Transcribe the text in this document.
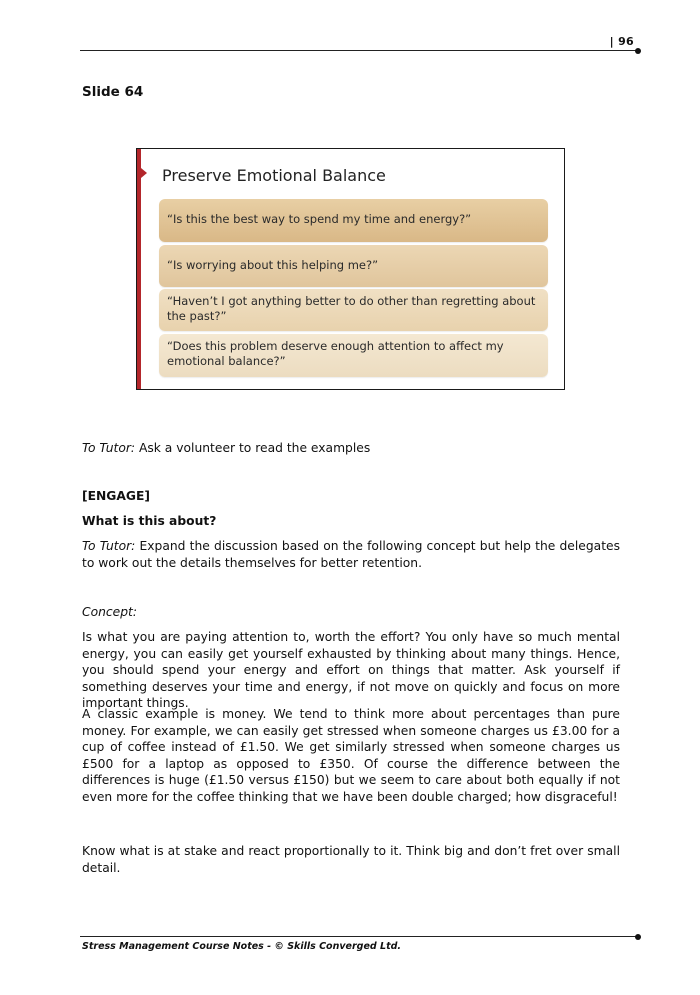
| 96
Slide 64
Preserve Emotional Balance
“Is this the best way to spend my time and energy?”
“Is worrying about this helping me?”
“Haven’t I got anything better to do other than regretting about the past?”
“Does this problem deserve enough attention to affect my emotional balance?”
To Tutor: Ask a volunteer to read the examples
[ENGAGE]
What is this about?
To Tutor: Expand the discussion based on the following concept but help the delegates to work out the details themselves for better retention.
Concept:
Is what you are paying attention to, worth the effort? You only have so much mental energy, you can easily get yourself exhausted by thinking about many things. Hence, you should spend your energy and effort on things that matter. Ask yourself if something deserves your time and energy, if not move on quickly and focus on more important things.
A classic example is money. We tend to think more about percentages than pure money. For example, we can easily get stressed when someone charges us £3.00 for a cup of coffee instead of £1.50. We get similarly stressed when someone charges us £500 for a laptop as opposed to £350. Of course the difference between the differences is huge (£1.50 versus £150) but we seem to care about both equally if not even more for the coffee thinking that we have been double charged; how disgraceful!
Know what is at stake and react proportionally to it. Think big and don’t fret over small detail.
Stress Management Course Notes - © Skills Converged Ltd.
